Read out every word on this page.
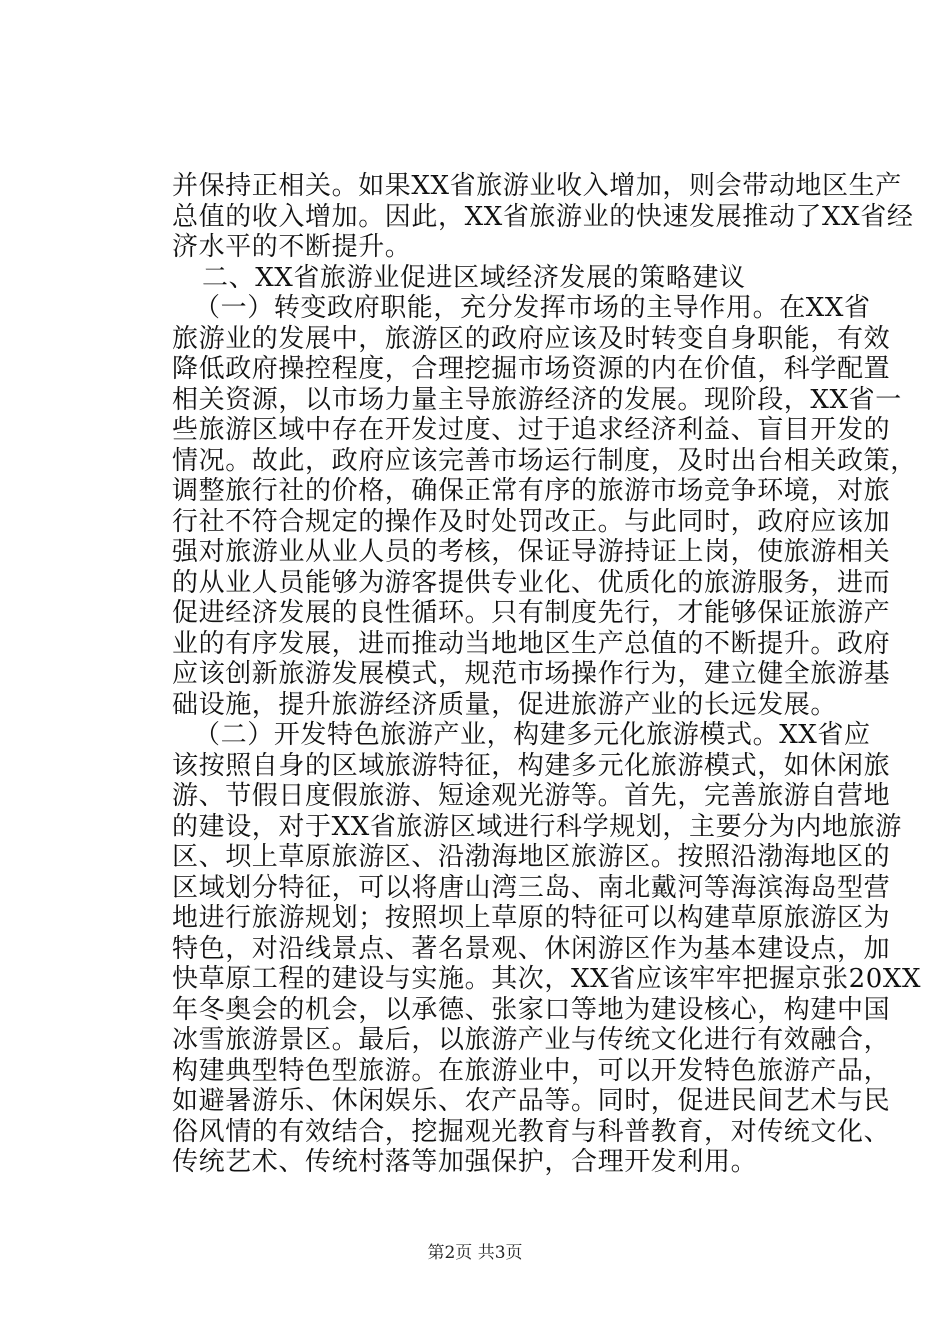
并保持正相关。如果XX省旅游业收入增加，则会带动地区生产
总值的收入增加。因此，XX省旅游业的快速发展推动了XX省经
济水平的不断提升。
二、XX省旅游业促进区域经济发展的策略建议
（一）转变政府职能，充分发挥市场的主导作用。在XX省
旅游业的发展中，旅游区的政府应该及时转变自身职能，有效
降低政府操控程度，合理挖掘市场资源的内在价值，科学配置
相关资源，以市场力量主导旅游经济的发展。现阶段，XX省一
些旅游区域中存在开发过度、过于追求经济利益、盲目开发的
情况。故此，政府应该完善市场运行制度，及时出台相关政策，
调整旅行社的价格，确保正常有序的旅游市场竞争环境，对旅
行社不符合规定的操作及时处罚改正。与此同时，政府应该加
强对旅游业从业人员的考核，保证导游持证上岗，使旅游相关
的从业人员能够为游客提供专业化、优质化的旅游服务，进而
促进经济发展的良性循环。只有制度先行，才能够保证旅游产
业的有序发展，进而推动当地地区生产总值的不断提升。政府
应该创新旅游发展模式，规范市场操作行为，建立健全旅游基
础设施，提升旅游经济质量，促进旅游产业的长远发展。
（二）开发特色旅游产业，构建多元化旅游模式。XX省应
该按照自身的区域旅游特征，构建多元化旅游模式，如休闲旅
游、节假日度假旅游、短途观光游等。首先，完善旅游自营地
的建设，对于XX省旅游区域进行科学规划，主要分为内地旅游
区、坝上草原旅游区、沿渤海地区旅游区。按照沿渤海地区的
区域划分特征，可以将唐山湾三岛、南北戴河等海滨海岛型营
地进行旅游规划；按照坝上草原的特征可以构建草原旅游区为
特色，对沿线景点、著名景观、休闲游区作为基本建设点，加
快草原工程的建设与实施。其次，XX省应该牢牢把握京张20XX
年冬奥会的机会，以承德、张家口等地为建设核心，构建中国
冰雪旅游景区。最后，以旅游产业与传统文化进行有效融合，
构建典型特色型旅游。在旅游业中，可以开发特色旅游产品，
如避暑游乐、休闲娱乐、农产品等。同时，促进民间艺术与民
俗风情的有效结合，挖掘观光教育与科普教育，对传统文化、
传统艺术、传统村落等加强保护，合理开发利用。
第2页 共3页
